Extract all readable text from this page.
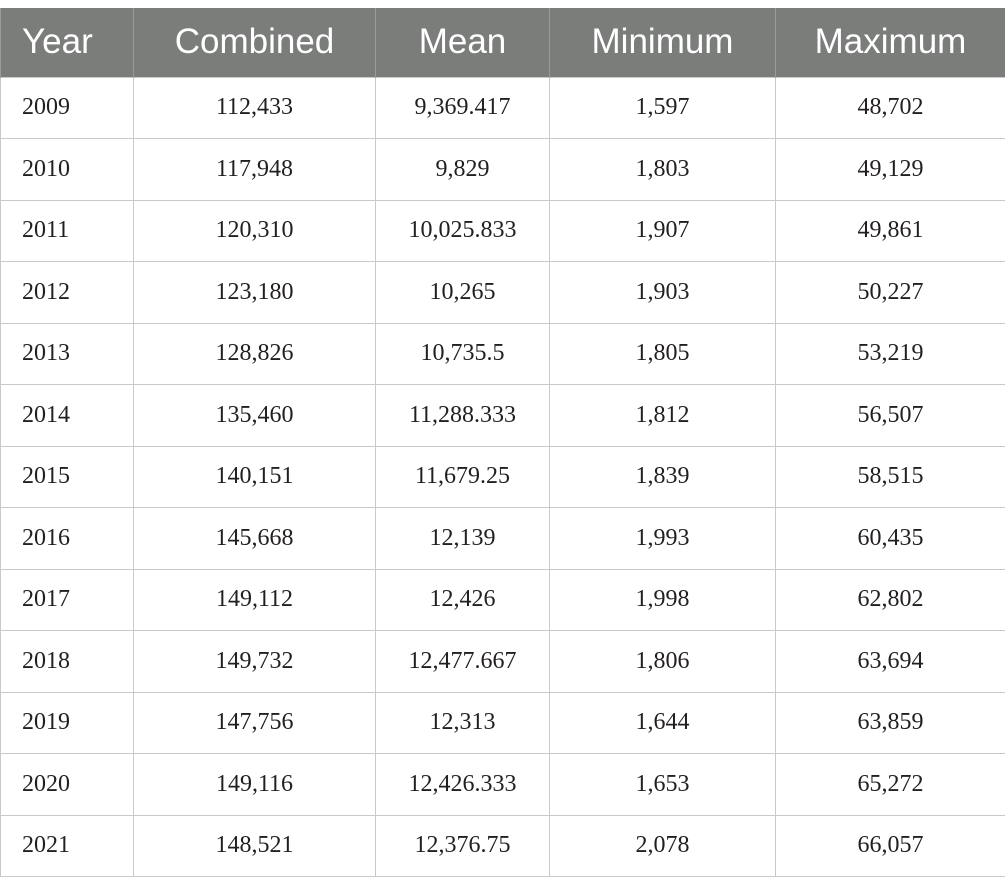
Year	Combined	Mean	Minimum	Maximum
2009	112,433	9,369.417	1,597	48,702
2010	117,948	9,829	1,803	49,129
2011	120,310	10,025.833	1,907	49,861
2012	123,180	10,265	1,903	50,227
2013	128,826	10,735.5	1,805	53,219
2014	135,460	11,288.333	1,812	56,507
2015	140,151	11,679.25	1,839	58,515
2016	145,668	12,139	1,993	60,435
2017	149,112	12,426	1,998	62,802
2018	149,732	12,477.667	1,806	63,694
2019	147,756	12,313	1,644	63,859
2020	149,116	12,426.333	1,653	65,272
2021	148,521	12,376.75	2,078	66,057
